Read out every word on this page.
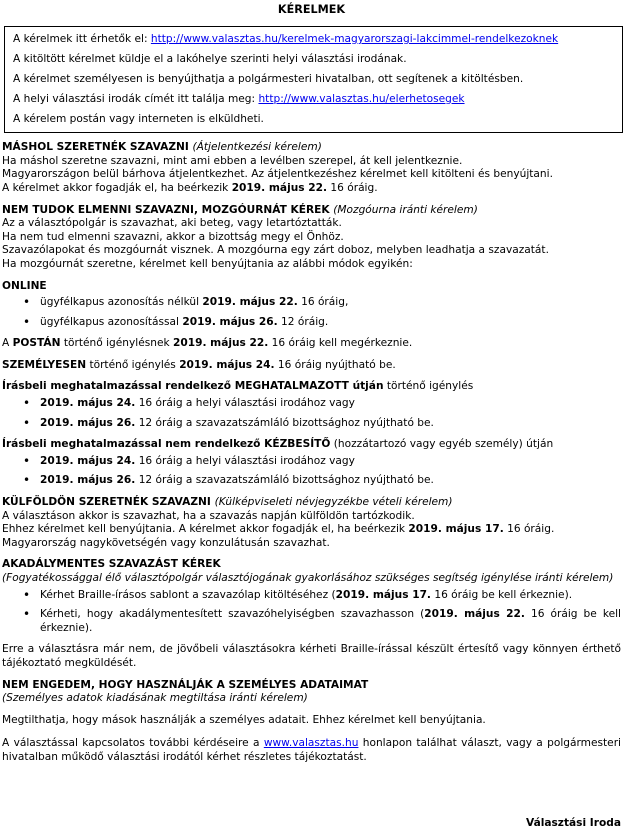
KÉRELMEK

A kérelmek itt érhetők el: http://www.valasztas.hu/kerelmek-magyarorszagi-lakcimmel-rendelkezoknek

A kitöltött kérelmet küldje el a lakóhelye szerinti helyi választási irodának.

A kérelmet személyesen is benyújthatja a polgármesteri hivatalban, ott segítenek a kitöltésben.

A helyi választási irodák címét itt találja meg: http://www.valasztas.hu/elerhetosegek

A kérelem postán vagy interneten is elküldheti.

MÁSHOL SZERETNÉK SZAVAZNI (Átjelentkezési kérelem)

Ha máshol szeretne szavazni, mint ami ebben a levélben szerepel, át kell jelentkeznie.

Magyarországon belül bárhova átjelentkezhet. Az átjelentkezéshez kérelmet kell kitölteni és benyújtani.

A kérelmet akkor fogadják el, ha beérkezik 2019. május 22. 16 óráig.

NEM TUDOK ELMENNI SZAVAZNI, MOZGÓURNÁT KÉREK (Mozgóurna iránti kérelem)

Az a választópolgár is szavazhat, aki beteg, vagy letartóztatták.

Ha nem tud elmenni szavazni, akkor a bizottság megy el Önhöz.

Szavazólapokat és mozgóurnát visznek. A mozgóurna egy zárt doboz, melyben leadhatja a szavazatát.

Ha mozgóurnát szeretne, kérelmet kell benyújtania az alábbi módok egyikén:

ONLINE
• ügyfélkapus azonosítás nélkül 2019. május 22. 16 óráig,
• ügyfélkapus azonosítással 2019. május 26. 12 óráig.

A POSTÁN történő igénylésnek 2019. május 22. 16 óráig kell megérkeznie.

SZEMÉLYESEN történő igénylés 2019. május 24. 16 óráig nyújtható be.

Írásbeli meghatalmazással rendelkező MEGHATALMAZOTT útján történő igénylés

• 2019. május 24. 16 óráig a helyi választási irodához vagy
• 2019. május 26. 12 óráig a szavazatszámláló bizottsághoz nyújtható be.

Írásbeli meghatalmazással nem rendelkező KÉZBESÍTŐ (hozzátartozó vagy egyéb személy) útján

• 2019. május 24. 16 óráig a helyi választási irodához vagy
• 2019. május 26. 12 óráig a szavazatszámláló bizottsághoz nyújtható be.
KÜLFÖLDÖN SZERETNÉK SZAVAZNI (Külképviseleti névjegyzékbe vételi kérelem)

A választáson akkor is szavazhat, ha a szavazás napján külföldön tartózkodik.

Ehhez kérelmet kell benyújtania. A kérelmet akkor fogadják el, ha beérkezik 2019. május 17. 16 óráig.

Magyarország nagykövetségén vagy konzulátusán szavazhat.

AKADÁLYMENTES SZAVAZÁST KÉREK

(Fogyatékossággal élő választópolgár választójogának gyakorlásához szükséges segítség igénylése iránti kérelem)

• Kérhet Braille-írásos sablont a szavazólap kitöltéséhez (2019. május 17. 16 óráig be kell érkeznie).
• Kérheti, hogy akadálymentesített szavazóhelyiségben szavazhasson (2019. május 22. 16 óráig be kell érkeznie).

Erre a választásra már nem, de jövőbeli választásokra kérheti Braille-írással készült értesítő vagy könnyen érthető tájékoztató megküldését.

NEM ENGEDEM, HOGY HASZNÁLJÁK A SZEMÉLYES ADATAIMAT

(Személyes adatok kiadásának megtiltása iránti kérelem)

Megtilthatja, hogy mások használják a személyes adatait. Ehhez kérelmet kell benyújtania.

A választással kapcsolatos további kérdéseire a www.valasztas.hu honlapon találhat választ, vagy a polgármesteri hivatalban működő választási irodától kérhet részletes tájékoztatást.

Választási Iroda
